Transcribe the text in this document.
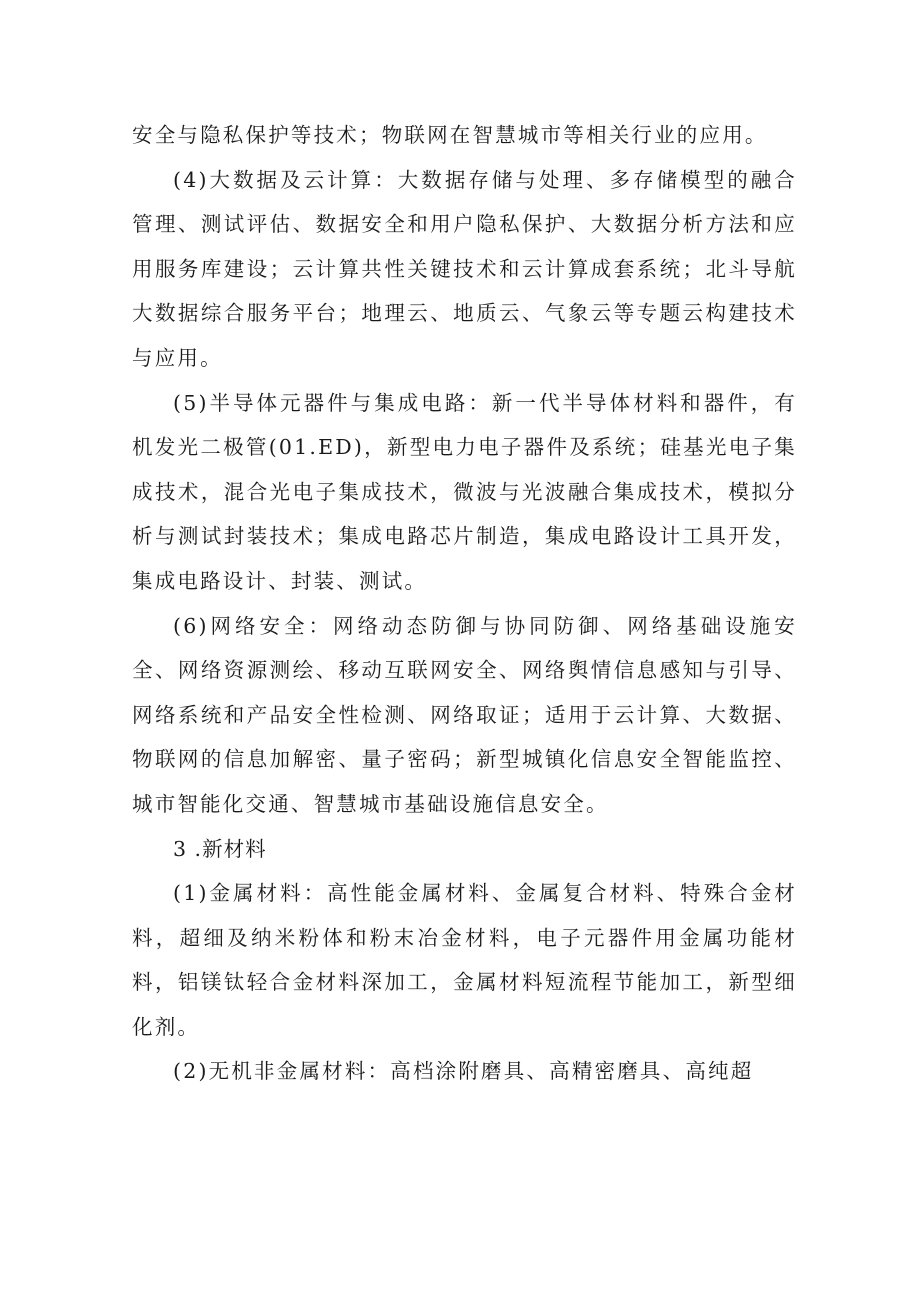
安全与隐私保护等技术；物联网在智慧城市等相关行业的应用。

(4)大数据及云计算：大数据存储与处理、多存储模型的融合管理、测试评估、数据安全和用户隐私保护、大数据分析方法和应用服务库建设；云计算共性关键技术和云计算成套系统；北斗导航大数据综合服务平台；地理云、地质云、气象云等专题云构建技术与应用。

(5)半导体元器件与集成电路：新一代半导体材料和器件，有机发光二极管(01.ED)，新型电力电子器件及系统；硅基光电子集成技术，混合光电子集成技术，微波与光波融合集成技术，模拟分析与测试封装技术；集成电路芯片制造，集成电路设计工具开发，集成电路设计、封装、测试。

(6)网络安全：网络动态防御与协同防御、网络基础设施安全、网络资源测绘、移动互联网安全、网络舆情信息感知与引导、网络系统和产品安全性检测、网络取证；适用于云计算、大数据、物联网的信息加解密、量子密码；新型城镇化信息安全智能监控、城市智能化交通、智慧城市基础设施信息安全。

3 .新材料

(1)金属材料：高性能金属材料、金属复合材料、特殊合金材料，超细及纳米粉体和粉末冶金材料，电子元器件用金属功能材料，铝镁钛轻合金材料深加工，金属材料短流程节能加工，新型细化剂。

(2)无机非金属材料：高档涂附磨具、高精密磨具、高纯超
